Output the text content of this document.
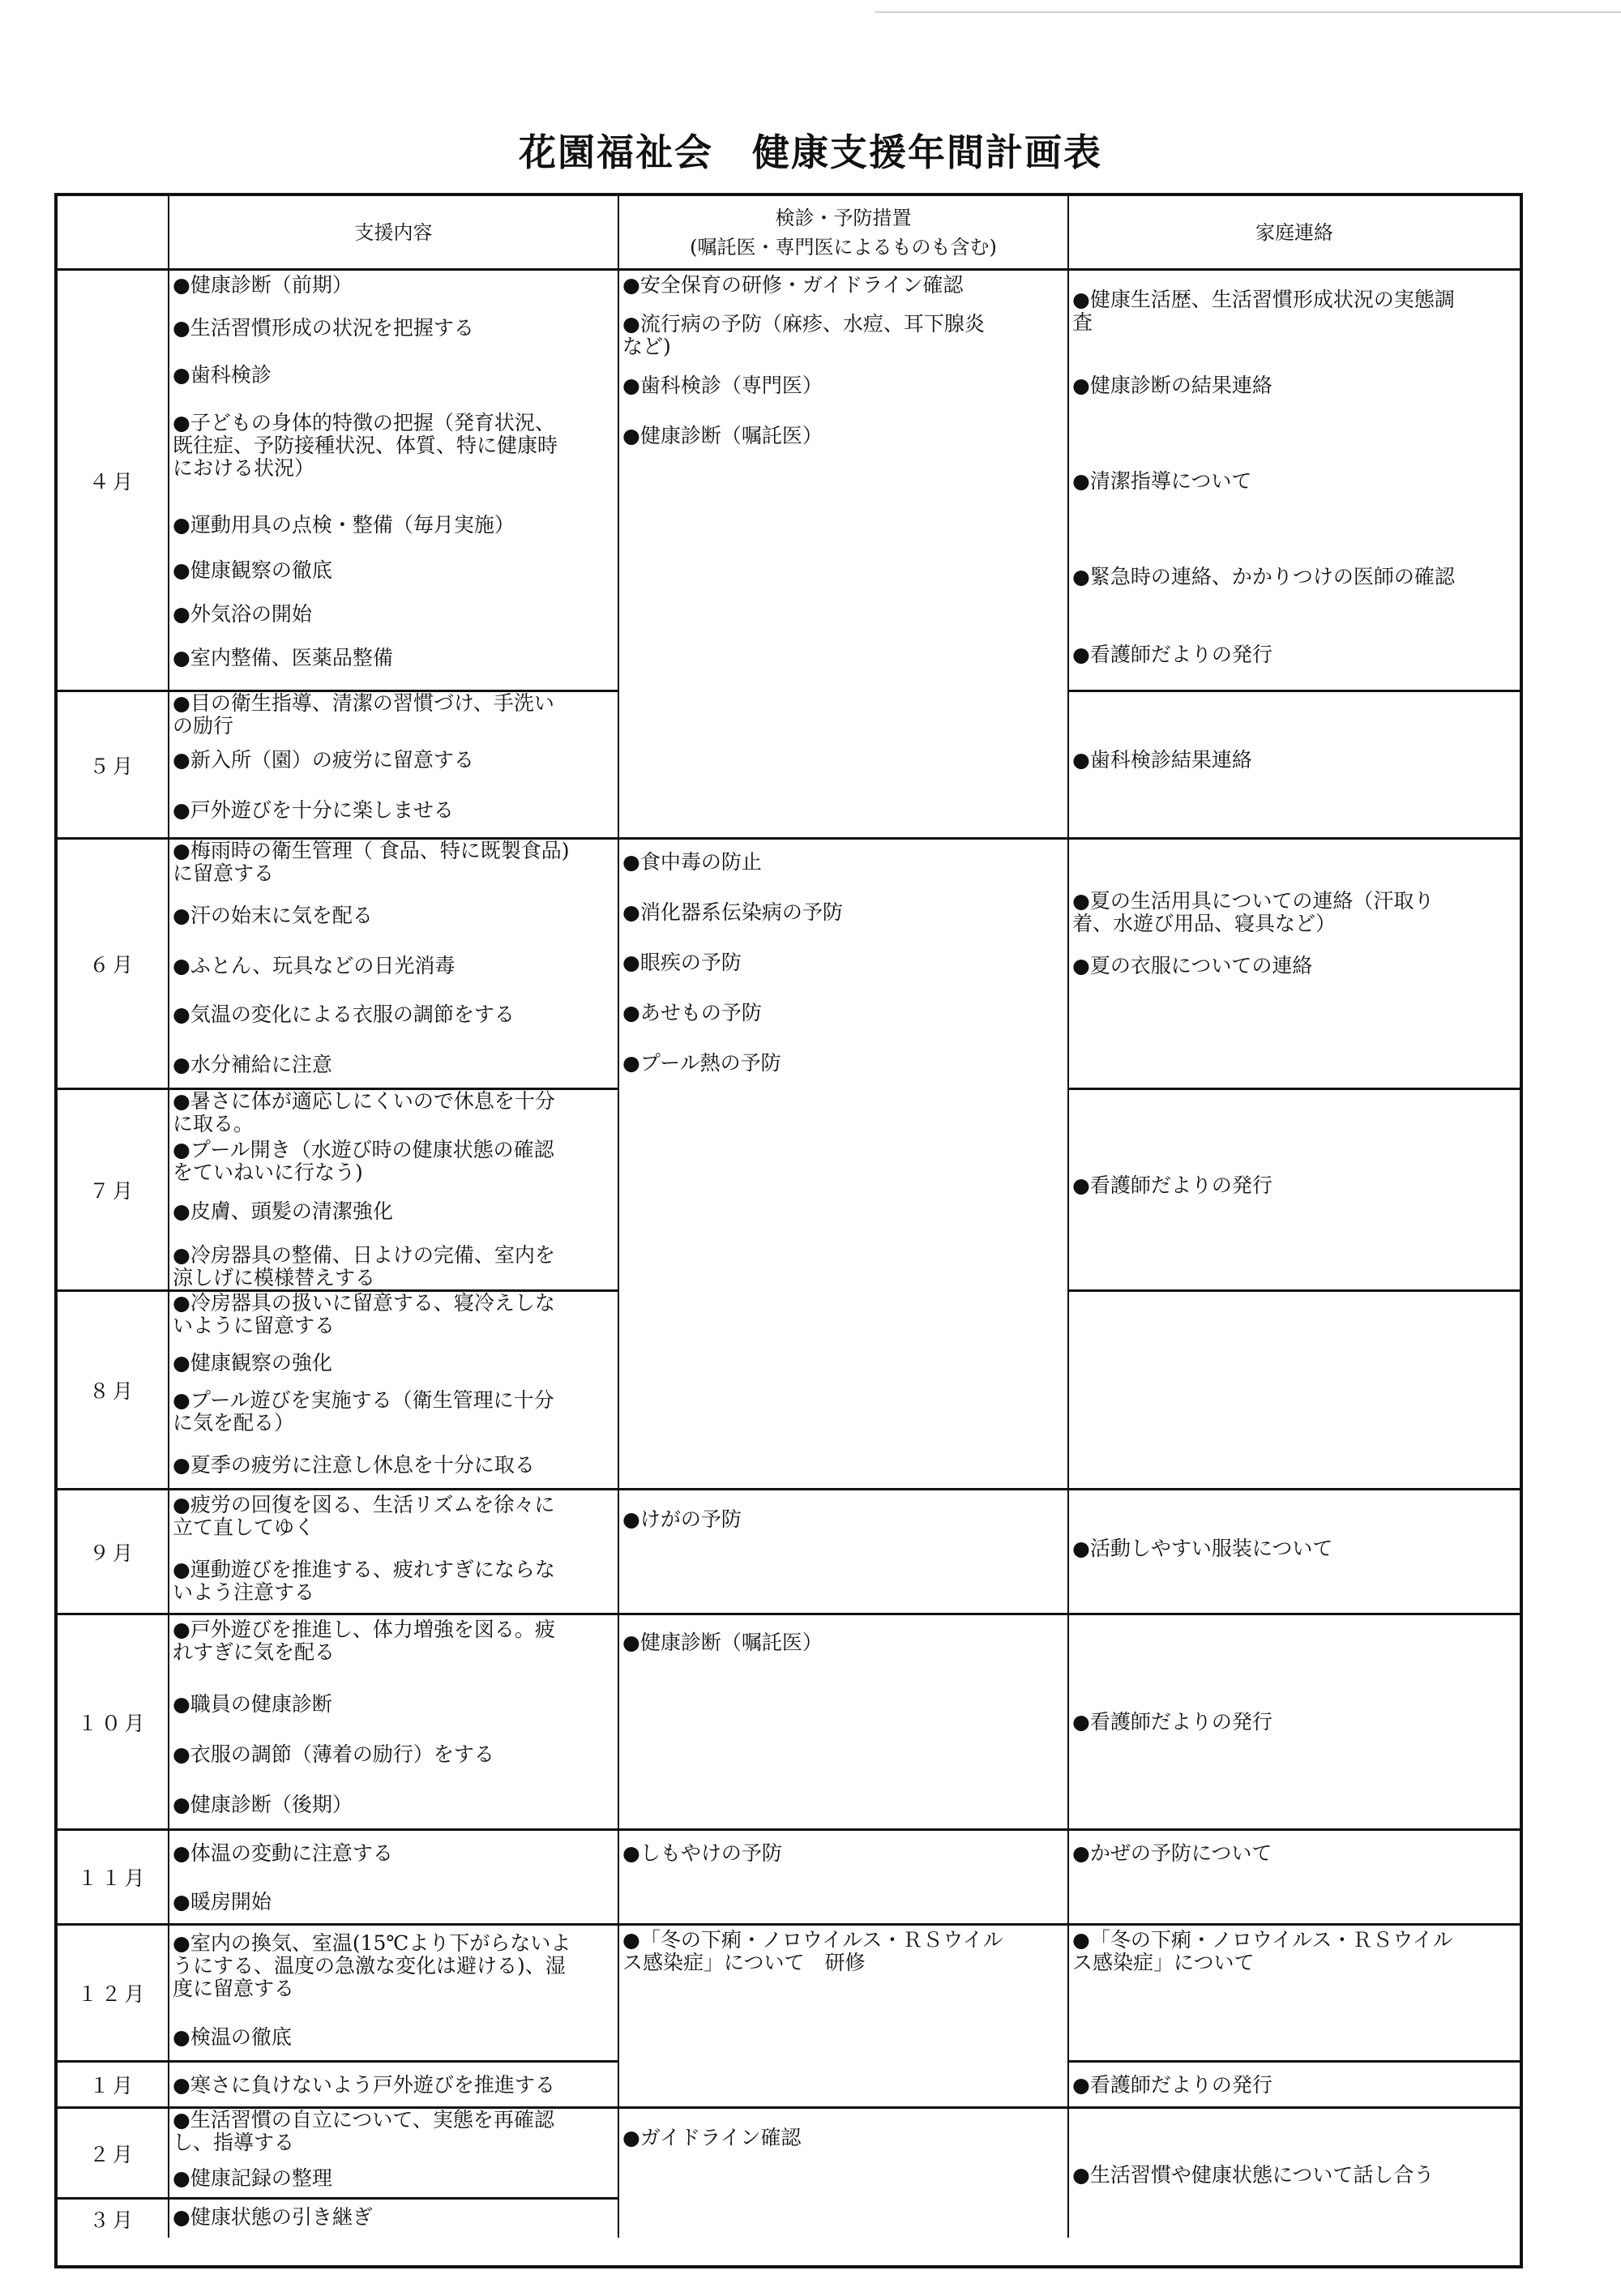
花園福祉会　健康支援年間計画表
支援内容
検診・予防措置
(嘱託医・専門医によるものも含む)
家庭連絡
４月
５月
６月
７月
８月
９月
１０月
１１月
１２月
１月
２月
３月
●健康診断（前期）
●生活習慣形成の状況を把握する
●歯科検診
●子どもの身体的特徴の把握（発育状況、
既往症、予防接種状況、体質、特に健康時
における状況）
●運動用具の点検・整備（毎月実施）
●健康観察の徹底
●外気浴の開始
●室内整備、医薬品整備
●目の衛生指導、清潔の習慣づけ、手洗い
の励行
●新入所（園）の疲労に留意する
●戸外遊びを十分に楽しませる
●梅雨時の衛生管理（ 食品、特に既製食品)
に留意する
●汗の始末に気を配る
●ふとん、玩具などの日光消毒
●気温の変化による衣服の調節をする
●水分補給に注意
●暑さに体が適応しにくいので休息を十分
に取る。
●プール開き（水遊び時の健康状態の確認
をていねいに行なう)
●皮膚、頭髪の清潔強化
●冷房器具の整備、日よけの完備、室内を
涼しげに模様替えする
●冷房器具の扱いに留意する、寝冷えしな
いように留意する
●健康観察の強化
●プール遊びを実施する（衛生管理に十分
に気を配る）
●夏季の疲労に注意し休息を十分に取る
●疲労の回復を図る、生活リズムを徐々に
立て直してゆく
●運動遊びを推進する、疲れすぎにならな
いよう注意する
●戸外遊びを推進し、体力増強を図る。疲
れすぎに気を配る
●職員の健康診断
●衣服の調節（薄着の励行）をする
●健康診断（後期）
●体温の変動に注意する
●暖房開始
●室内の換気、室温(15℃より下がらないよ
うにする、温度の急激な変化は避ける)、湿
度に留意する
●検温の徹底
●寒さに負けないよう戸外遊びを推進する
●生活習慣の自立について、実態を再確認
し、指導する
●健康記録の整理
●健康状態の引き継ぎ
●安全保育の研修・ガイドライン確認
●流行病の予防（麻疹、水痘、耳下腺炎
など)
●歯科検診（専門医）
●健康診断（嘱託医）
●食中毒の防止
●消化器系伝染病の予防
●眼疾の予防
●あせもの予防
●プール熱の予防
●けがの予防
●健康診断（嘱託医）
●しもやけの予防
●「冬の下痢・ノロウイルス・ＲＳウイル
ス感染症」について　研修
●ガイドライン確認
●健康生活歴、生活習慣形成状況の実態調
査
●健康診断の結果連絡
●清潔指導について
●緊急時の連絡、かかりつけの医師の確認
●看護師だよりの発行
●歯科検診結果連絡
●夏の生活用具についての連絡（汗取り
着、水遊び用品、寝具など）
●夏の衣服についての連絡
●看護師だよりの発行
●活動しやすい服装について
●看護師だよりの発行
●かぜの予防について
●「冬の下痢・ノロウイルス・ＲＳウイル
ス感染症」について
●看護師だよりの発行
●生活習慣や健康状態について話し合う
